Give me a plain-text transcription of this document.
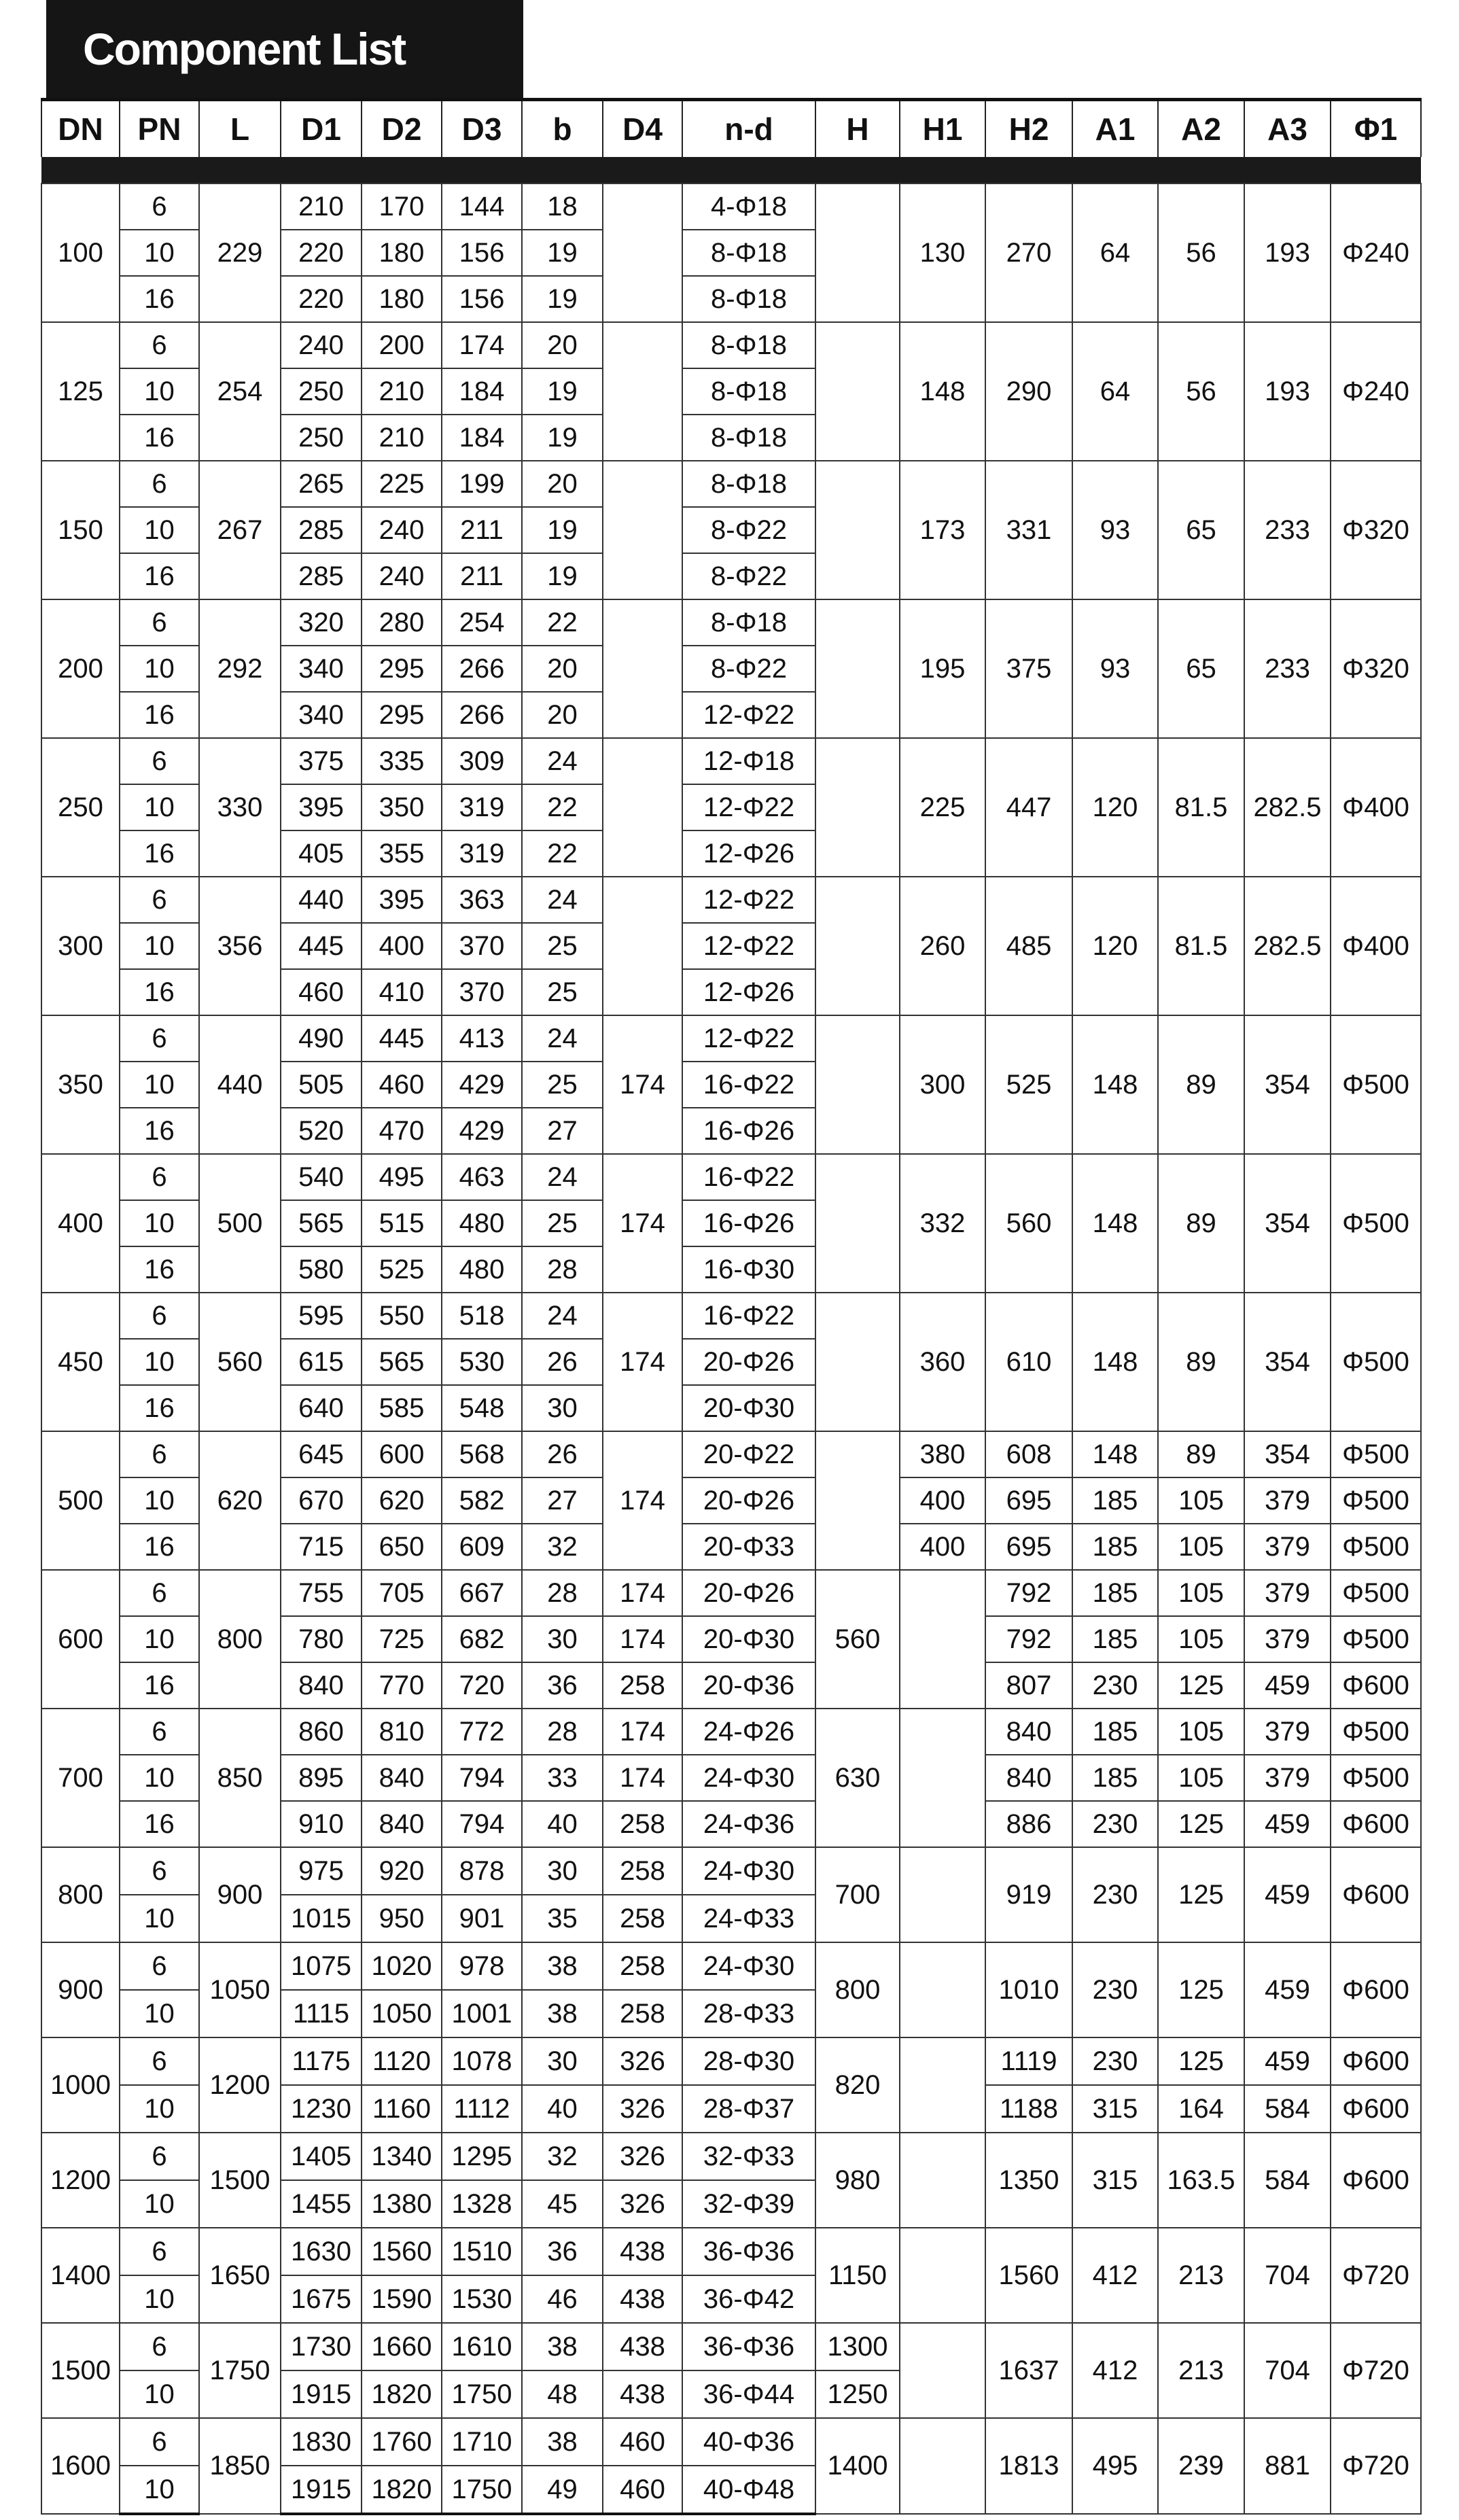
Component List
DN	PN	L	D1	D2	D3	b	D4	n-d	H	H1	H2	A1	A2	A3	Φ1

100	6	229	210	170	144	18		4-Φ18		130	270	64	56	193	Φ240
	10		220	180	156	19		8-Φ18							
	16		220	180	156	19		8-Φ18							
125	6	254	240	200	174	20		8-Φ18		148	290	64	56	193	Φ240
	10		250	210	184	19		8-Φ18							
	16		250	210	184	19		8-Φ18							
150	6	267	265	225	199	20		8-Φ18		173	331	93	65	233	Φ320
	10		285	240	211	19		8-Φ22							
	16		285	240	211	19		8-Φ22							
200	6	292	320	280	254	22		8-Φ18		195	375	93	65	233	Φ320
	10		340	295	266	20		8-Φ22							
	16		340	295	266	20		12-Φ22							
250	6	330	375	335	309	24		12-Φ18		225	447	120	81.5	282.5	Φ400
	10		395	350	319	22		12-Φ22							
	16		405	355	319	22		12-Φ26							
300	6	356	440	395	363	24		12-Φ22		260	485	120	81.5	282.5	Φ400
	10		445	400	370	25		12-Φ22							
	16		460	410	370	25		12-Φ26							
350	6	440	490	445	413	24	174	12-Φ22		300	525	148	89	354	Φ500
	10		505	460	429	25		16-Φ22							
	16		520	470	429	27		16-Φ26							
400	6	500	540	495	463	24	174	16-Φ22		332	560	148	89	354	Φ500
	10		565	515	480	25		16-Φ26							
	16		580	525	480	28		16-Φ30							
450	6	560	595	550	518	24	174	16-Φ22		360	610	148	89	354	Φ500
	10		615	565	530	26		20-Φ26							
	16		640	585	548	30		20-Φ30							
500	6	620	645	600	568	26	174	20-Φ22		380	608	148	89	354	Φ500
	10		670	620	582	27		20-Φ26		400	695	185	105	379	Φ500
	16		715	650	609	32		20-Φ33		400	695	185	105	379	Φ500
600	6	800	755	705	667	28	174	20-Φ26	560		792	185	105	379	Φ500
	10		780	725	682	30	174	20-Φ30			792	185	105	379	Φ500
	16		840	770	720	36	258	20-Φ36			807	230	125	459	Φ600
700	6	850	860	810	772	28	174	24-Φ26	630		840	185	105	379	Φ500
	10		895	840	794	33	174	24-Φ30			840	185	105	379	Φ500
	16		910	840	794	40	258	24-Φ36			886	230	125	459	Φ600
800	6	900	975	920	878	30	258	24-Φ30	700		919	230	125	459	Φ600
	10		1015	950	901	35	258	24-Φ33							
900	6	1050	1075	1020	978	38	258	24-Φ30	800		1010	230	125	459	Φ600
	10		1115	1050	1001	38	258	28-Φ33							
1000	6	1200	1175	1120	1078	30	326	28-Φ30	820		1119	230	125	459	Φ600
	10		1230	1160	1112	40	326	28-Φ37			1188	315	164	584	Φ600
1200	6	1500	1405	1340	1295	32	326	32-Φ33	980		1350	315	163.5	584	Φ600
	10		1455	1380	1328	45	326	32-Φ39							
1400	6	1650	1630	1560	1510	36	438	36-Φ36	1150		1560	412	213	704	Φ720
	10		1675	1590	1530	46	438	36-Φ42							
1500	6	1750	1730	1660	1610	38	438	36-Φ36	1300		1637	412	213	704	Φ720
	10		1915	1820	1750	48	438	36-Φ44	1250						
1600	6	1850	1830	1760	1710	38	460	40-Φ36	1400		1813	495	239	881	Φ720
	10		1915	1820	1750	49	460	40-Φ48							
